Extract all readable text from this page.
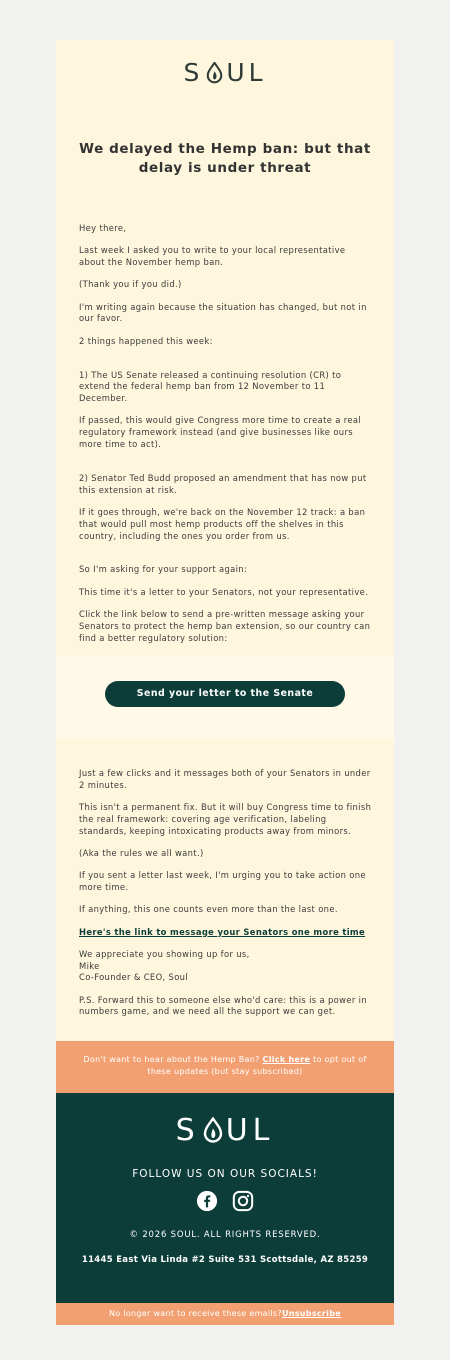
S UL
We delayed the Hemp ban: but that delay is under threat

Hey there,

Last week I asked you to write to your local representative about the November hemp ban.

(Thank you if you did.)

I'm writing again because the situation has changed, but not in our favor.

2 things happened this week:

1) The US Senate released a continuing resolution (CR) to extend the federal hemp ban from 12 November to 11 December.

If passed, this would give Congress more time to create a real regulatory framework instead (and give businesses like ours more time to act).

2) Senator Ted Budd proposed an amendment that has now put this extension at risk.

If it goes through, we're back on the November 12 track: a ban that would pull most hemp products off the shelves in this country, including the ones you order from us.

So I'm asking for your support again:

This time it's a letter to your Senators, not your representative.

Click the link below to send a pre-written message asking your Senators to protect the hemp ban extension, so our country can find a better regulatory solution:

Send your letter to the Senate

Just a few clicks and it messages both of your Senators in under 2 minutes.

This isn't a permanent fix. But it will buy Congress time to finish the real framework: covering age verification, labeling standards, keeping intoxicating products away from minors.

(Aka the rules we all want.)

If you sent a letter last week, I'm urging you to take action one more time.

If anything, this one counts even more than the last one.

Here's the link to message your Senators one more time

We appreciate you showing up for us,
Mike
Co-Founder & CEO, Soul

P.S. Forward this to someone else who'd care: this is a power in numbers game, and we need all the support we can get.

Don't want to hear about the Hemp Ban? Click here to opt out of these updates (but stay subscribed)
S UL
FOLLOW US ON OUR SOCIALS!
© 2026 SOUL. ALL RIGHTS RESERVED.
11445 East Via Linda #2 Suite 531 Scottsdale, AZ 85259
No longer want to receive these emails?Unsubscribe
